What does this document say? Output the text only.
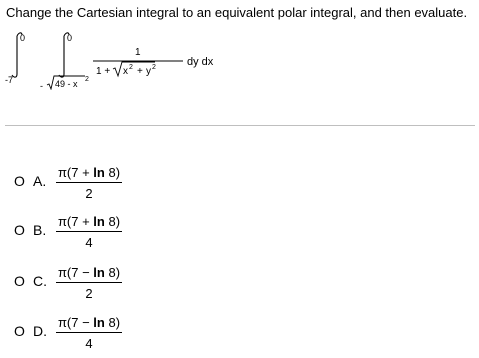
Change the Cartesian integral to an equivalent polar integral, and then evaluate.
0
-7
0
- 49 - x 2
1
1 + x 2 + y 2	dy dx
O A.
π(7 + ln 8)
2
O B.
π(7 + ln 8)
4
O C.
π(7 − ln 8)
2
O D.
π(7 − ln 8)
4
